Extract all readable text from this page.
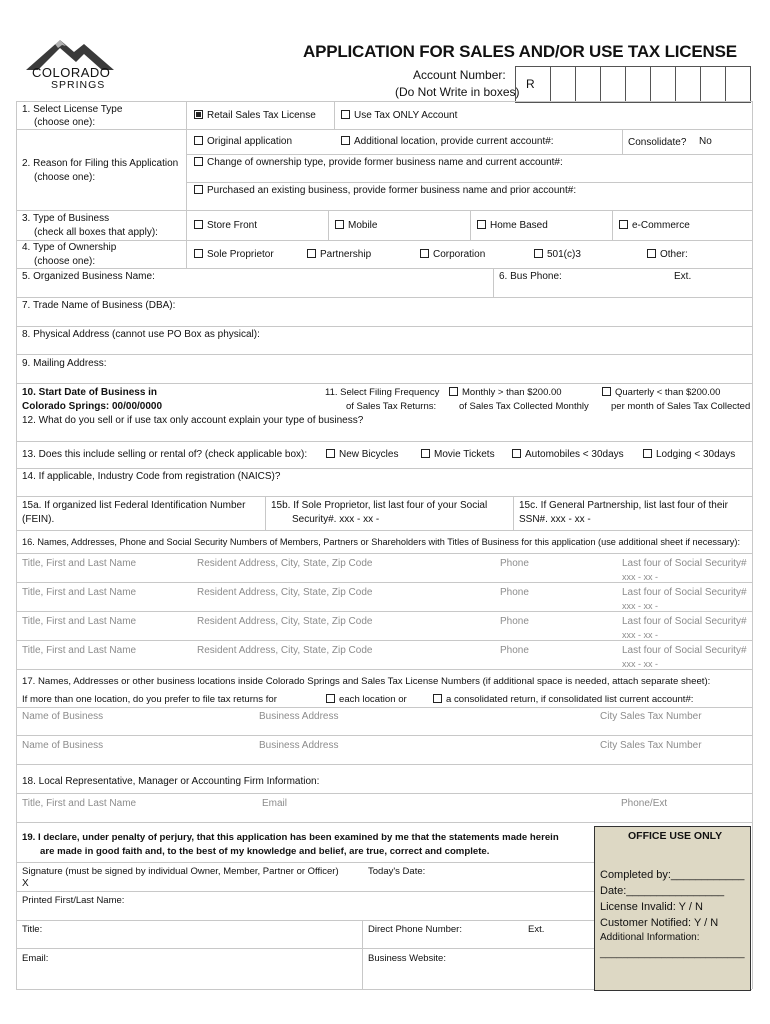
COLORADO
SPRINGS
APPLICATION FOR SALES AND/OR USE TAX LICENSE
Account Number:
(Do Not Write in boxes)
R
1. Select License Type
(choose one):
Retail Sales Tax License	Use Tax ONLY Account
2. Reason for Filing this Application
(choose one):
Original application	Additional location, provide current account#:	Consolidate? No
Change of ownership type, provide former business name and current account#:
Purchased an existing business, provide former business name and prior account#:
3. Type of Business
(check all boxes that apply):
Store Front	Mobile	Home Based	e-Commerce
4. Type of Ownership
(choose one):
Sole Proprietor	Partnership	Corporation	501(c)3	Other:
5. Organized Business Name:	6. Bus Phone:	Ext.
7. Trade Name of Business (DBA):
8. Physical Address (cannot use PO Box as physical):
9. Mailing Address:
10. Start Date of Business in
Colorado Springs: 00/00/0000
11. Select Filing Frequency
of Sales Tax Returns:
Monthly > than $200.00
of Sales Tax Collected Monthly
Quarterly < than $200.00
per month of Sales Tax Collected
12. What do you sell or if use tax only account explain your type of business?
13. Does this include selling or rental of? (check applicable box):	New Bicycles	Movie Tickets	Automobiles < 30days	Lodging < 30days
14. If applicable, Industry Code from registration (NAICS)?
15a. If organized list Federal Identification Number
(FEIN).
15b. If Sole Proprietor, list last four of your Social
Security#. xxx - xx -
15c. If General Partnership, list last four of their
SSN#. xxx - xx -
16. Names, Addresses, Phone and Social Security Numbers of Members, Partners or Shareholders with Titles of Business for this application (use additional sheet if necessary):
Title, First and Last Name	Resident Address, City, State, Zip Code	Phone	Last four of Social Security#
xxx - xx -
Title, First and Last Name	Resident Address, City, State, Zip Code	Phone	Last four of Social Security#
xxx - xx -
Title, First and Last Name	Resident Address, City, State, Zip Code	Phone	Last four of Social Security#
xxx - xx -
Title, First and Last Name	Resident Address, City, State, Zip Code	Phone	Last four of Social Security#
xxx - xx -
17. Names, Addresses or other business locations inside Colorado Springs and Sales Tax License Numbers (if additional space is needed, attach separate sheet):
If more than one location, do you prefer to file tax returns for	each location or	a consolidated return, if consolidated list current account#:
Name of Business	Business Address	City Sales Tax Number
Name of Business	Business Address	City Sales Tax Number
18. Local Representative, Manager or Accounting Firm Information:
Title, First and Last Name	Email	Phone/Ext
19. I declare, under penalty of perjury, that this application has been examined by me that the statements made herein
are made in good faith and, to the best of my knowledge and belief, are true, correct and complete.
Signature (must be signed by individual Owner, Member, Partner or Officer)
X
Today's Date:
Printed First/Last Name:
Title:	Direct Phone Number:	Ext.
Email:	Business Website:
OFFICE USE ONLY
Completed by:____________
Date:________________
License Invalid: Y / N
Customer Notified: Y / N
Additional Information:
__________________________
